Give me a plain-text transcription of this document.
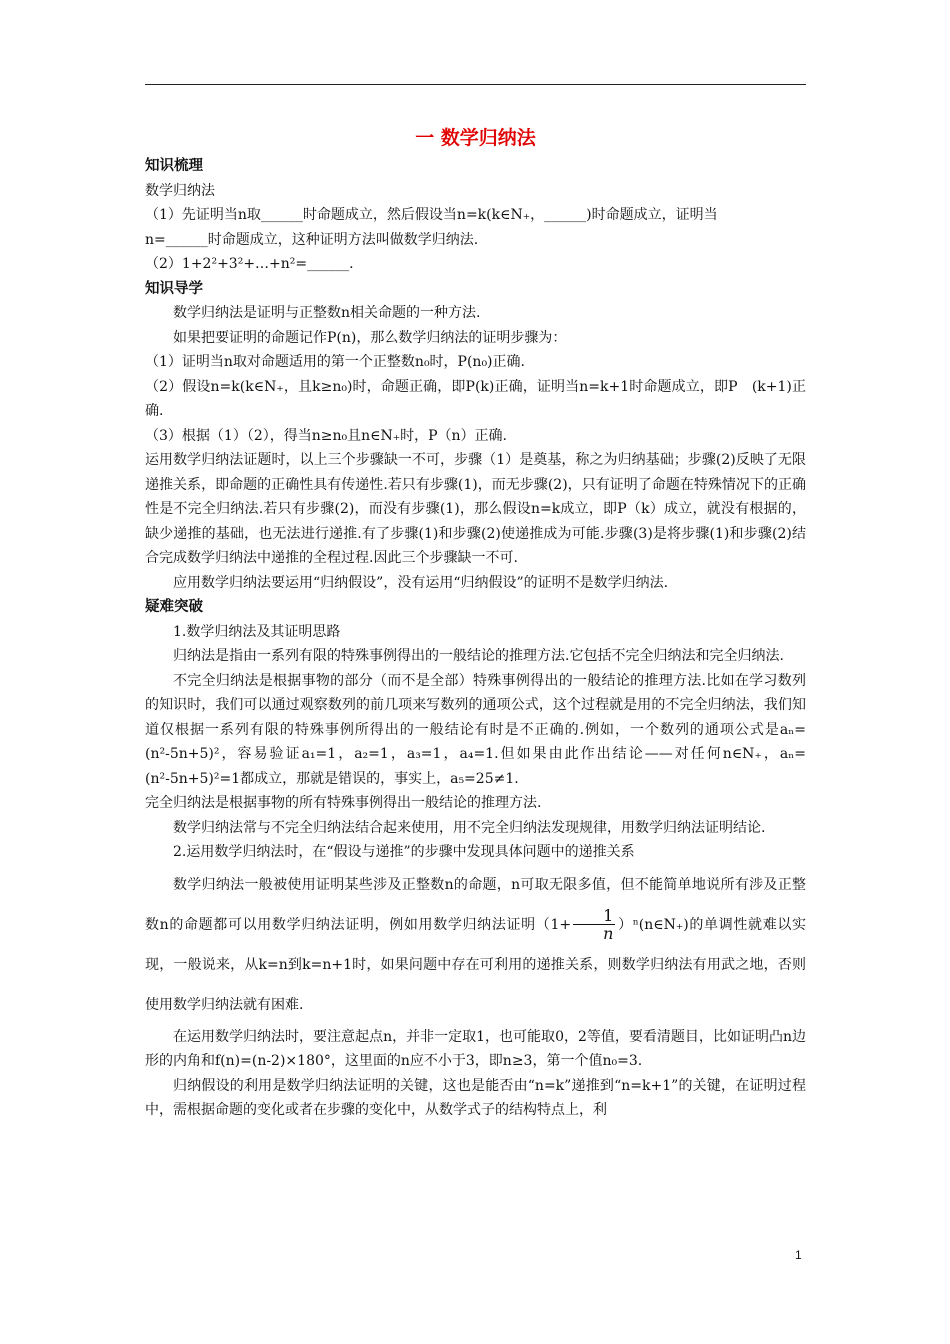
一 数学归纳法
知识梳理
数学归纳法
（1）先证明当n取______时命题成立，然后假设当n=k(k∈N₊，______)时命题成立，证明当
n=______时命题成立，这种证明方法叫做数学归纳法.
（2）1+2²+3²+…+n²=______.
知识导学
数学归纳法是证明与正整数n相关命题的一种方法.
如果把要证明的命题记作P(n)，那么数学归纳法的证明步骤为：
（1）证明当n取对命题适用的第一个正整数n₀时，P(n₀)正确.
（2）假设n=k(k∈N₊，且k≥n₀)时，命题正确，即P(k)正确，证明当n=k+1时命题成立，即P　(k+1)正确.
（3）根据（1）（2），得当n≥n₀且n∈N₊时，P（n）正确.
运用数学归纳法证题时，以上三个步骤缺一不可，步骤（1）是奠基，称之为归纳基础；步骤(2)反映了无限递推关系，即命题的正确性具有传递性.若只有步骤(1)，而无步骤(2)，只有证明了命题在特殊情况下的正确性是不完全归纳法.若只有步骤(2)，而没有步骤(1)，那么假设n=k成立，即P（k）成立，就没有根据的，缺少递推的基础，也无法进行递推.有了步骤(1)和步骤(2)使递推成为可能.步骤(3)是将步骤(1)和步骤(2)结合完成数学归纳法中递推的全程过程.因此三个步骤缺一不可.
应用数学归纳法要运用“归纳假设”，没有运用“归纳假设”的证明不是数学归纳法.
疑难突破
1.数学归纳法及其证明思路
归纳法是指由一系列有限的特殊事例得出的一般结论的推理方法.它包括不完全归纳法和完全归纳法.
不完全归纳法是根据事物的部分（而不是全部）特殊事例得出的一般结论的推理方法.比如在学习数列的知识时，我们可以通过观察数列的前几项来写数列的通项公式，这个过程就是用的不完全归纳法，我们知道仅根据一系列有限的特殊事例所得出的一般结论有时是不正确的.例如，一个数列的通项公式是aₙ=(n²-5n+5)²，容易验证a₁=1，a₂=1，a₃=1，a₄=1.但如果由此作出结论——对任何n∈N₊，aₙ=(n²-5n+5)²=1都成立，那就是错误的，事实上，a₅=25≠1.
完全归纳法是根据事物的所有特殊事例得出一般结论的推理方法.
数学归纳法常与不完全归纳法结合起来使用，用不完全归纳法发现规律，用数学归纳法证明结论.
2.运用数学归纳法时，在“假设与递推”的步骤中发现具体问题中的递推关系
数学归纳法一般被使用证明某些涉及正整数n的命题，n可取无限多值，但不能简单地说所有涉及正整数n的命题都可以用数学归纳法证明，例如用数学归纳法证明（$1+ \frac{1}{n}$ ）ⁿ(n∈N₊)的单调性就难以实现，一般说来，从k=n到k=n+1时，如果问题中存在可利用的递推关系，则数学归纳法有用武之地，否则使用数学归纳法就有困难.
在运用数学归纳法时，要注意起点n，并非一定取1，也可能取0，2等值，要看清题目，比如证明凸n边形的内角和f(n)=(n-2)×180°，这里面的n应不小于3，即n≥3，第一个值n₀=3.
归纳假设的利用是数学归纳法证明的关键，这也是能否由“n=k”递推到“n=k+1”的关键，在证明过程中，需根据命题的变化或者在步骤的变化中，从数学式子的结构特点上，利
1
